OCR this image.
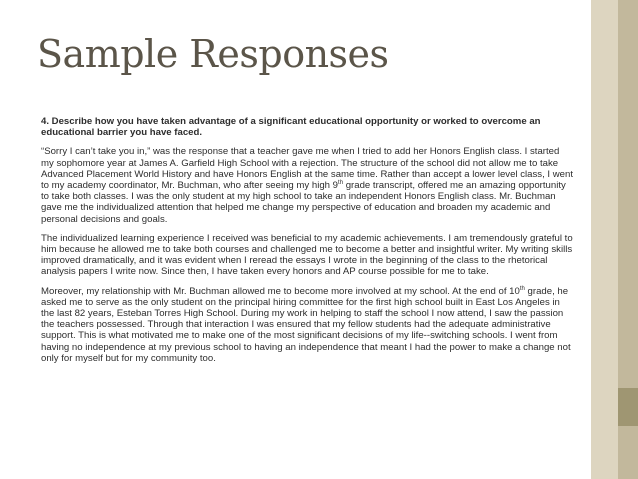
Sample Responses

4. Describe how you have taken advantage of a significant educational opportunity or worked to overcome an educational barrier you have faced.

“Sorry I can’t take you in,” was the response that a teacher gave me when I tried to add her Honors English class. I started my sophomore year at James A. Garfield High School with a rejection. The structure of the school did not allow me to take Advanced Placement World History and have Honors English at the same time. Rather than accept a lower level class, I went to my academy coordinator, Mr. Buchman, who after seeing my high 9th grade transcript, offered me an amazing opportunity to take both classes. I was the only student at my high school to take an independent Honors English class. Mr. Buchman gave me the individualized attention that helped me change my perspective of education and broaden my academic and personal decisions and goals.

The individualized learning experience I received was beneficial to my academic achievements. I am tremendously grateful to him because he allowed me to take both courses and challenged me to become a better and insightful writer. My writing skills improved dramatically, and it was evident when I reread the essays I wrote in the beginning of the class to the rhetorical analysis papers I write now. Since then, I have taken every honors and AP course possible for me to take.

Moreover, my relationship with Mr. Buchman allowed me to become more involved at my school. At the end of 10th grade, he asked me to serve as the only student on the principal hiring committee for the first high school built in East Los Angeles in the last 82 years, Esteban Torres High School. During my work in helping to staff the school I now attend, I saw the passion the teachers possessed. Through that interaction I was ensured that my fellow students had the adequate administrative support. This is what motivated me to make one of the most significant decisions of my life--switching schools. I went from having no independence at my previous school to having an independence that meant I had the power to make a change not only for myself but for my community too.
